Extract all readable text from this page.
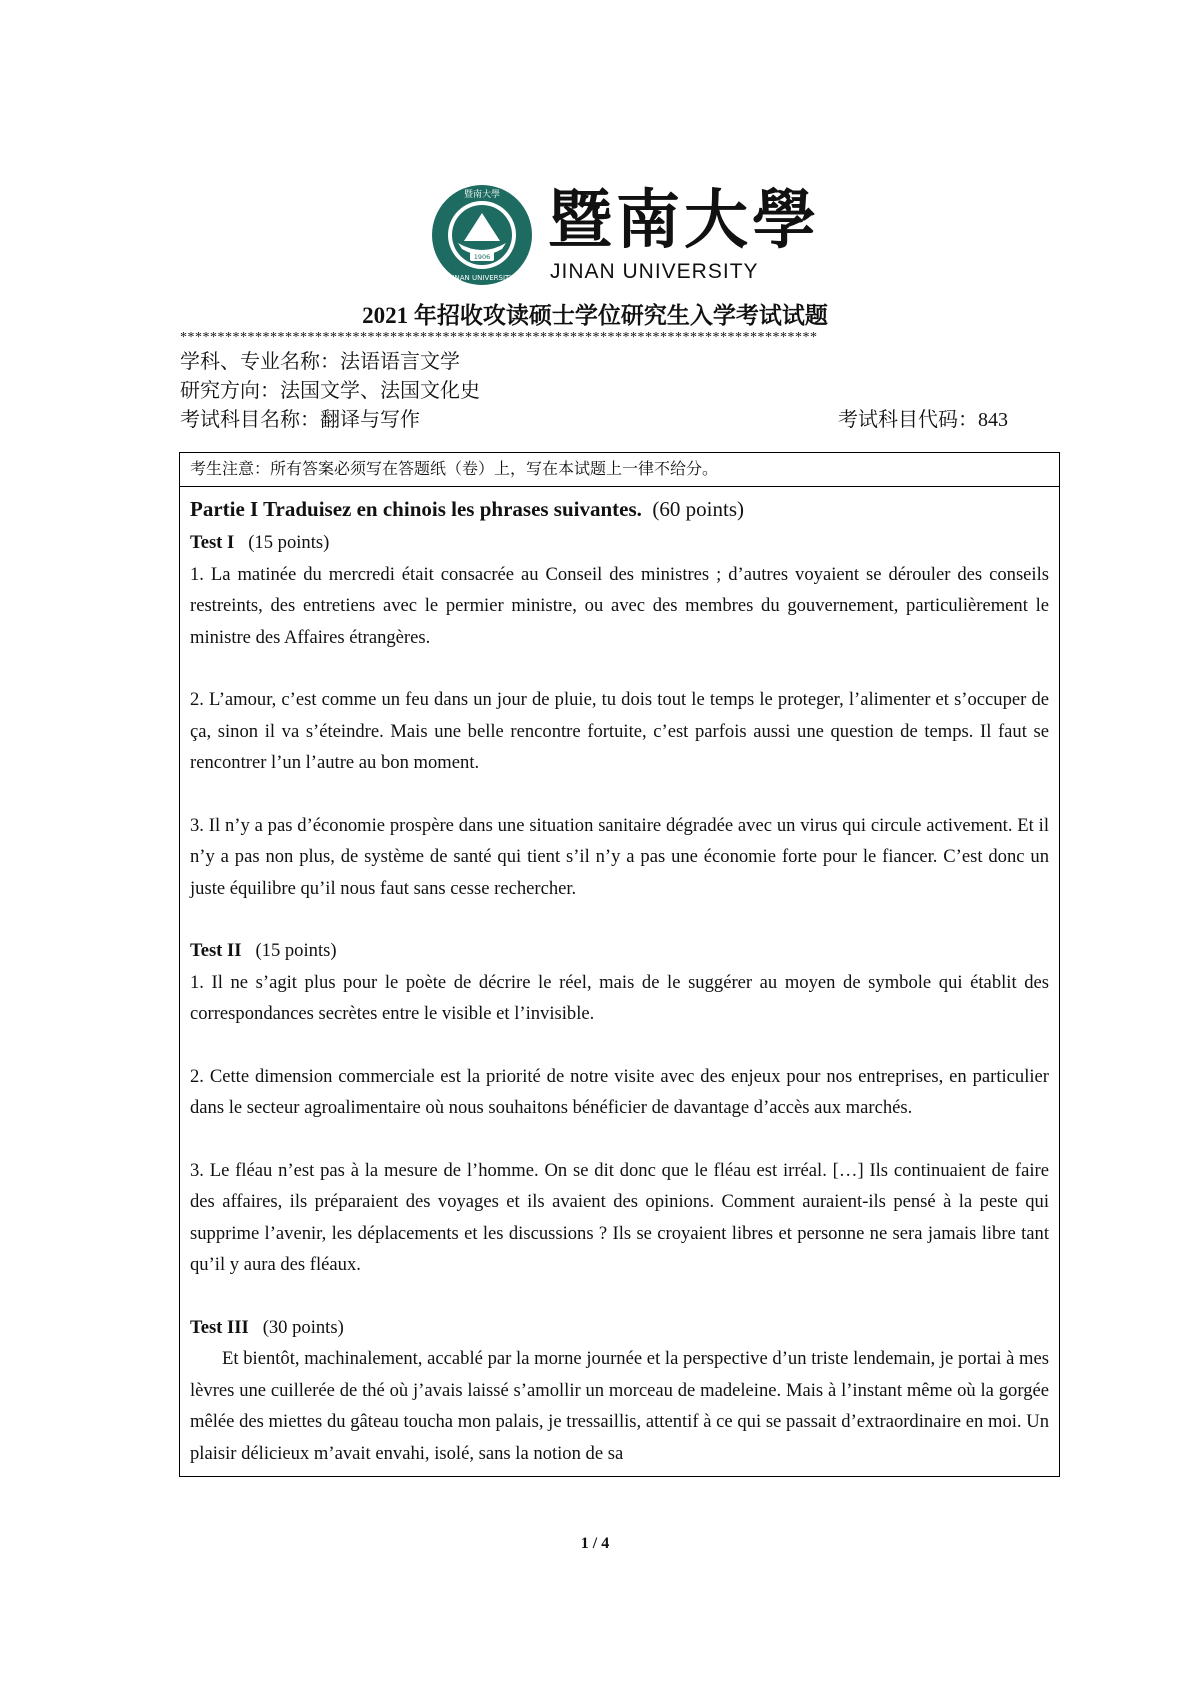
暨南大學
JINAN UNIVERSITY
1906 暨南大學
JINAN UNIVERSITY
2021 年招收攻读硕士学位研究生入学考试试题
*************************************************************************************
学科、专业名称：法语语言文学
研究方向：法国文学、法国文化史
考试科目名称：翻译与写作	考试科目代码：843
考生注意：所有答案必须写在答题纸（卷）上，写在本试题上一律不给分。
Partie I Traduisez en chinois les phrases suivantes. (60 points)

Test I (15 points)

1. La matinée du mercredi était consacrée au Conseil des ministres ; d’autres voyaient se dérouler des conseils restreints, des entretiens avec le permier ministre, ou avec des membres du gouvernement, particulièrement le ministre des Affaires étrangères.

2. L’amour, c’est comme un feu dans un jour de pluie, tu dois tout le temps le proteger, l’alimenter et s’occuper de ça, sinon il va s’éteindre. Mais une belle rencontre fortuite, c’est parfois aussi une question de temps. Il faut se rencontrer l’un l’autre au bon moment.

3. Il n’y a pas d’économie prospère dans une situation sanitaire dégradée avec un virus qui circule activement. Et il n’y a pas non plus, de système de santé qui tient s’il n’y a pas une économie forte pour le fiancer. C’est donc un juste équilibre qu’il nous faut sans cesse rechercher.

Test II (15 points)

1. Il ne s’agit plus pour le poète de décrire le réel, mais de le suggérer au moyen de symbole qui établit des correspondances secrètes entre le visible et l’invisible.

2. Cette dimension commerciale est la priorité de notre visite avec des enjeux pour nos entreprises, en particulier dans le secteur agroalimentaire où nous souhaitons bénéficier de davantage d’accès aux marchés.

3. Le fléau n’est pas à la mesure de l’homme. On se dit donc que le fléau est irréal. […] Ils continuaient de faire des affaires, ils préparaient des voyages et ils avaient des opinions. Comment auraient-ils pensé à la peste qui supprime l’avenir, les déplacements et les discussions ? Ils se croyaient libres et personne ne sera jamais libre tant qu’il y aura des fléaux.

Test III (30 points)

Et bientôt, machinalement, accablé par la morne journée et la perspective d’un triste lendemain, je portai à mes lèvres une cuillerée de thé où j’avais laissé s’amollir un morceau de madeleine. Mais à l’instant même où la gorgée mêlée des miettes du gâteau toucha mon palais, je tressaillis, attentif à ce qui se passait d’extraordinaire en moi. Un plaisir délicieux m’avait envahi, isolé, sans la notion de sa

1 / 4
